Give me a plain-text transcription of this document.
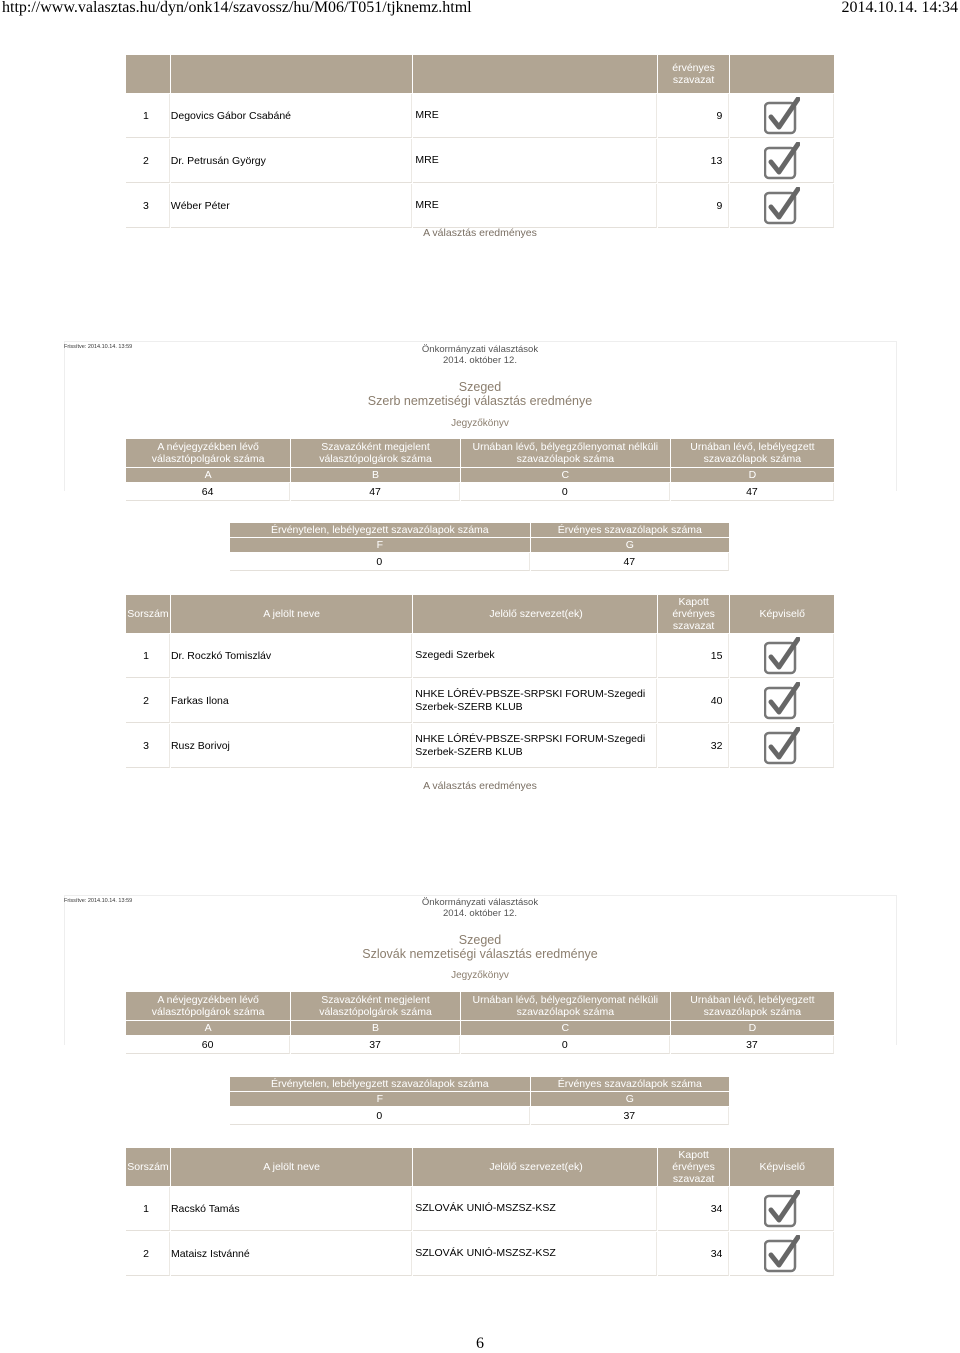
http://www.valasztas.hu/dyn/onk14/szavossz/hu/M06/T051/tjknemz.html	2014.10.14. 14:34
			érvényes szavazat	
1	Degovics Gábor Csabáné	MRE	9	

2	Dr. Petrusán György	MRE	13	

3	Wéber Péter	MRE	9	
A választás eredményes
Frissítve: 2014.10.14. 13:59	Önkormányzati választások
2014. október 12.
Szeged
Szerb nemzetiségi választás eredménye
Jegyzőkönyv
A névjegyzékben lévő választópolgárok száma	Szavazóként megjelent választópolgárok száma	Urnában lévő, bélyegzőlenyomat nélküli szavazólapok száma	Urnában lévő, lebélyegzett szavazólapok száma
A	B	C	D
64	47	0	47
Érvénytelen, lebélyegzett szavazólapok száma	Érvényes szavazólapok száma
F	G
0	47
Sorszám	A jelölt neve	Jelölő szervezet(ek)	Kapott érvényes szavazat	Képviselő
1	Dr. Roczkó Tomiszláv	Szegedi Szerbek	15	

2	Farkas Ilona	NHKE LÓRÉV-PBSZE-SRPSKI FORUM-Szegedi Szerbek-SZERB KLUB	40	

3	Rusz Borivoj	NHKE LÓRÉV-PBSZE-SRPSKI FORUM-Szegedi Szerbek-SZERB KLUB	32	
A választás eredményes
Frissítve: 2014.10.14. 13:59	Önkormányzati választások
2014. október 12.
Szeged
Szlovák nemzetiségi választás eredménye
Jegyzőkönyv
A névjegyzékben lévő választópolgárok száma	Szavazóként megjelent választópolgárok száma	Urnában lévő, bélyegzőlenyomat nélküli szavazólapok száma	Urnában lévő, lebélyegzett szavazólapok száma
A	B	C	D
60	37	0	37
Érvénytelen, lebélyegzett szavazólapok száma	Érvényes szavazólapok száma
F	G
0	37
Sorszám	A jelölt neve	Jelölő szervezet(ek)	Kapott érvényes szavazat	Képviselő
1	Racskó Tamás	SZLOVÁK UNIÓ-MSZSZ-KSZ	34	

2	Mataisz Istvánné	SZLOVÁK UNIÓ-MSZSZ-KSZ	34	
6
